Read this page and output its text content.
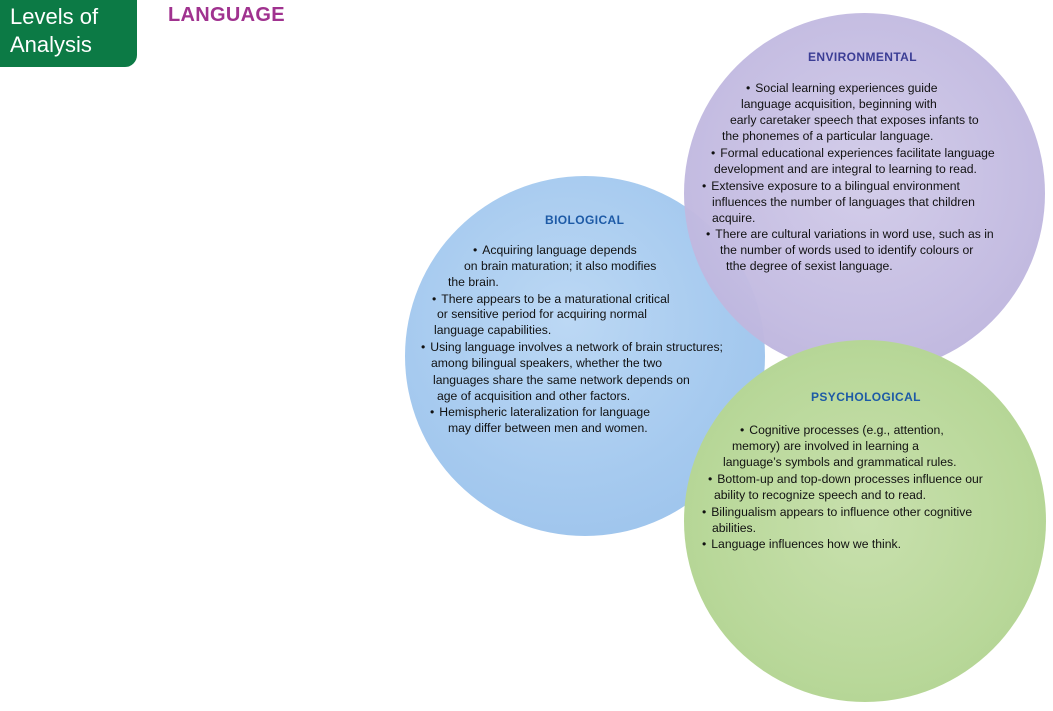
Levels of
Analysis
LANGUAGE
BIOLOGICAL
ENVIRONMENTAL
PSYCHOLOGICAL
• Acquiring language depends
on brain maturation; it also modifies
the brain.
• There appears to be a maturational critical
or sensitive period for acquiring normal
language capabilities.
• Using language involves a network of brain structures;
among bilingual speakers, whether the two
languages share the same network depends on
age of acquisition and other factors.
• Hemispheric lateralization for language
may differ between men and women.
• Social learning experiences guide
language acquisition, beginning with
early caretaker speech that exposes infants to
the phonemes of a particular language.
• Formal educational experiences facilitate language
development and are integral to learning to read.
• Extensive exposure to a bilingual environment
influences the number of languages that children
acquire.
• There are cultural variations in word use, such as in
the number of words used to identify colours or
tthe degree of sexist language.
• Cognitive processes (e.g., attention,
memory) are involved in learning a
language’s symbols and grammatical rules.
• Bottom-up and top-down processes influence our
ability to recognize speech and to read.
• Bilingualism appears to influence other cognitive
abilities.
• Language influences how we think.
